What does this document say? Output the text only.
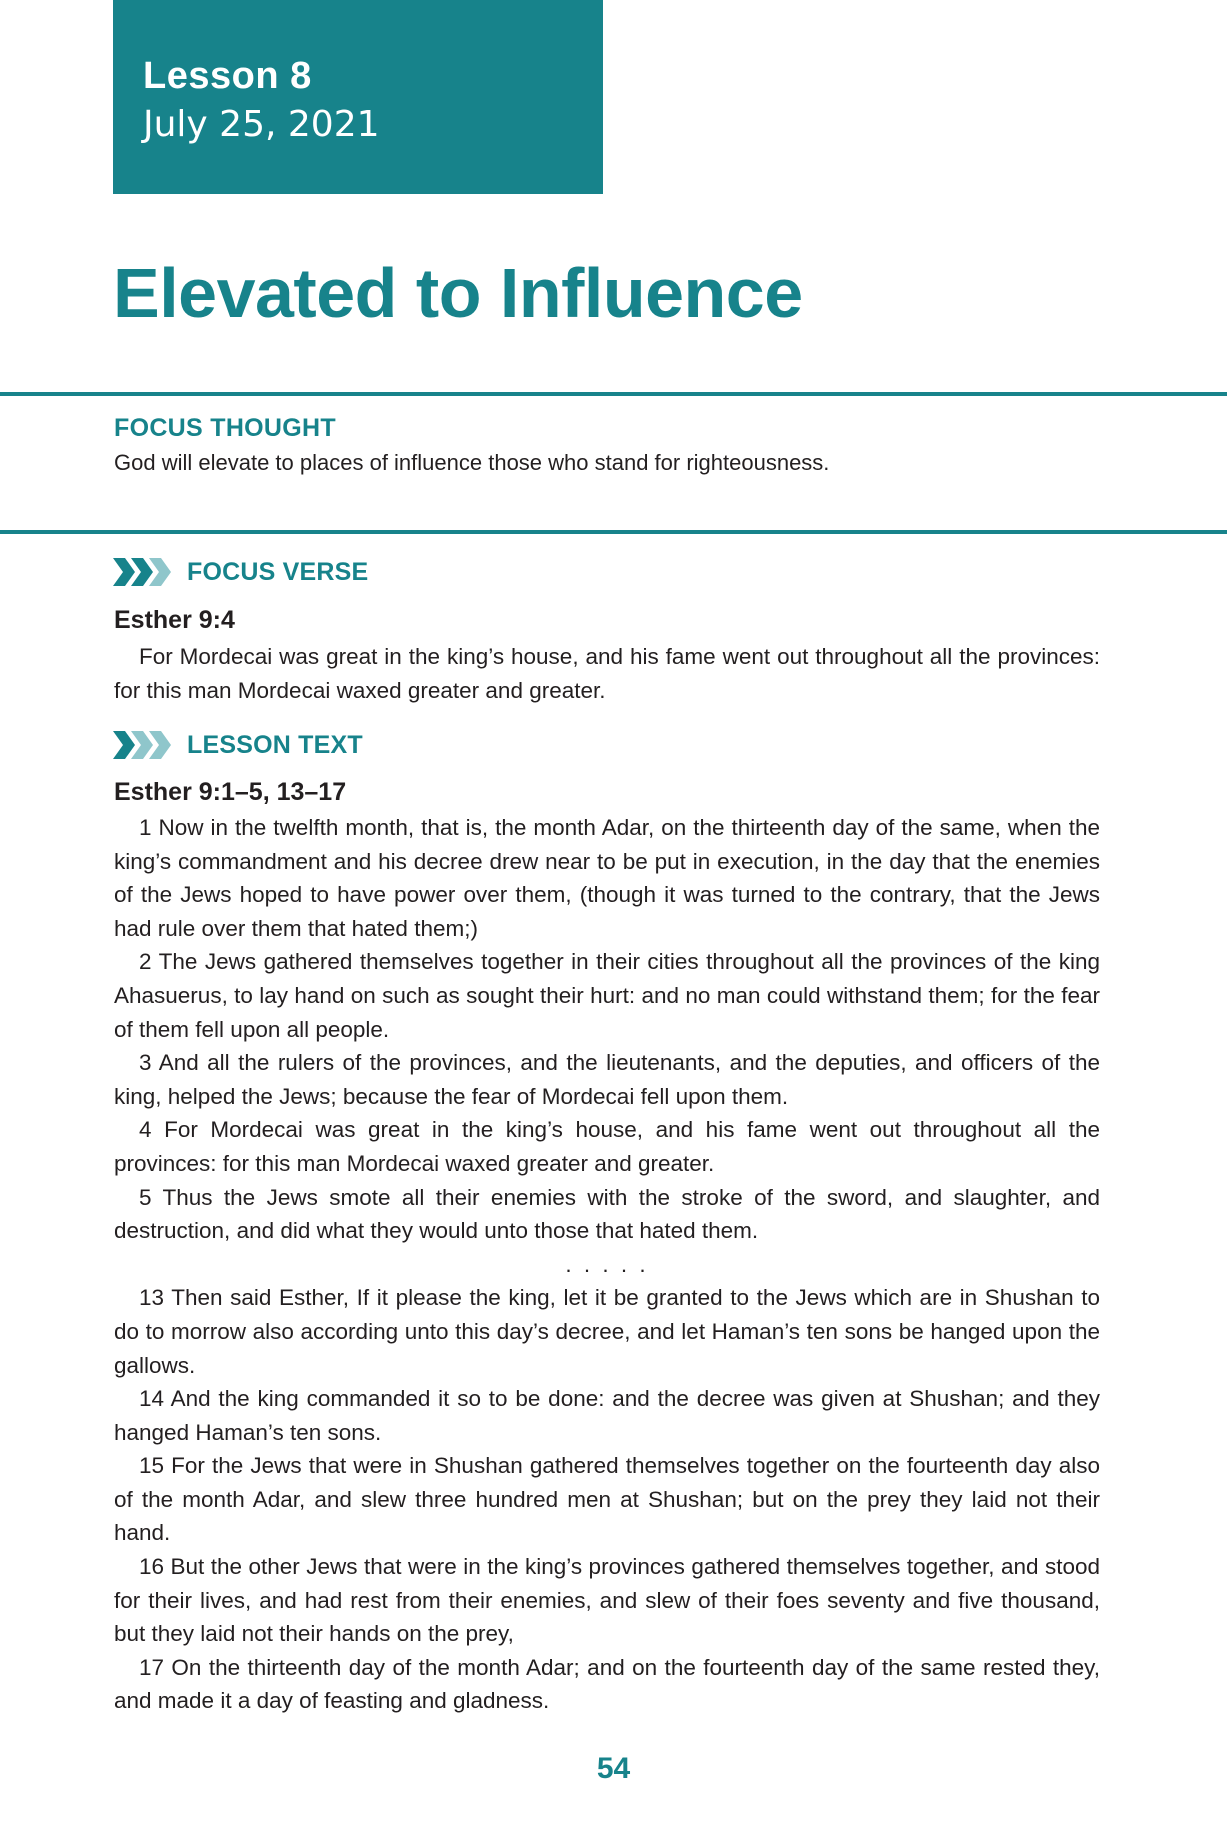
Lesson 8
July 25, 2021
Elevated to Influence
FOCUS THOUGHT
God will elevate to places of influence those who stand for righteousness.
FOCUS VERSE
Esther 9:4

For Mordecai was great in the king’s house, and his fame went out throughout all the provinces: for this man Mordecai waxed greater and greater.

LESSON TEXT
Esther 9:1–5, 13–17

1 Now in the twelfth month, that is, the month Adar, on the thirteenth day of the same, when the king’s commandment and his decree drew near to be put in execution, in the day that the enemies of the Jews hoped to have power over them, (though it was turned to the contrary, that the Jews had rule over them that hated them;)

2 The Jews gathered themselves together in their cities throughout all the provinces of the king Ahasuerus, to lay hand on such as sought their hurt: and no man could withstand them; for the fear of them fell upon all people.

3 And all the rulers of the provinces, and the lieutenants, and the deputies, and officers of the king, helped the Jews; because the fear of Mordecai fell upon them.

4 For Mordecai was great in the king’s house, and his fame went out throughout all the provinces: for this man Mordecai waxed greater and greater.

5 Thus the Jews smote all their enemies with the stroke of the sword, and slaughter, and destruction, and did what they would unto those that hated them.

. . . . .

13 Then said Esther, If it please the king, let it be granted to the Jews which are in Shushan to do to morrow also according unto this day’s decree, and let Haman’s ten sons be hanged upon the gallows.

14 And the king commanded it so to be done: and the decree was given at Shushan; and they hanged Haman’s ten sons.

15 For the Jews that were in Shushan gathered themselves together on the fourteenth day also of the month Adar, and slew three hundred men at Shushan; but on the prey they laid not their hand.

16 But the other Jews that were in the king’s provinces gathered themselves together, and stood for their lives, and had rest from their enemies, and slew of their foes seventy and five thousand, but they laid not their hands on the prey,

17 On the thirteenth day of the month Adar; and on the fourteenth day of the same rested they, and made it a day of feasting and gladness.

54
